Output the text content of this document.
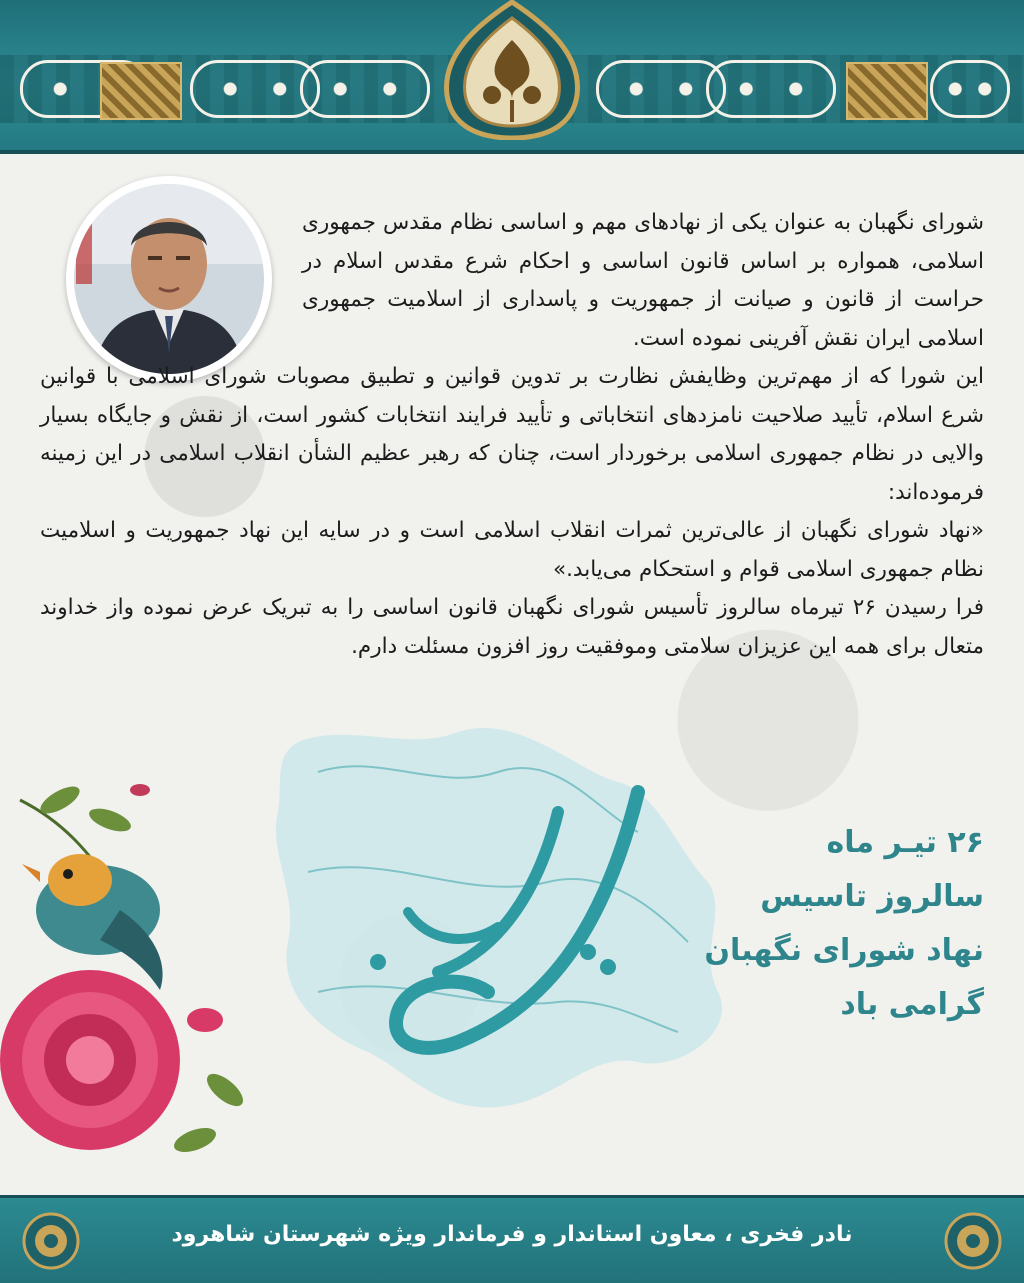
شورای نگهبان به عنوان یکی از نهادهای مهم و اساسی نظام مقدس جمهوری اسلامی، همواره بر اساس قانون اساسی و احکام شرع مقدس اسلام در حراست از قانون و صیانت از جمهوریت و پاسداری از اسلامیت جمهوری اسلامی ایران نقش آفرینی نموده است.

این شورا که از مهم‌ترین وظایفش نظارت بر تدوین قوانین و تطبیق مصوبات شورای اسلامی با قوانین شرع اسلام، تأیید صلاحیت نامزدهای انتخاباتی و تأیید فرایند انتخابات کشور است، از نقش و جایگاه بسیار والایی در نظام جمهوری اسلامی برخوردار است، چنان که رهبر عظیم الشأن انقلاب اسلامی در این زمینه فرموده‌اند:

«نهاد شورای نگهبان از عالی‌ترین ثمرات انقلاب اسلامی است و در سایه این نهاد جمهوریت و اسلامیت نظام جمهوری اسلامی قوام و استحکام می‌یابد.»

فرا رسیدن ۲۶ تیرماه سالروز تأسیس شورای نگهبان قانون اساسی را به تبریک عرض نموده واز خداوند متعال برای همه این عزیزان سلامتی وموفقیت روز افزون مسئلت دارم.

۲۶ تیـر ماه
سالروز تاسیس
نهاد شورای نگهبان
گرامی باد
نادر فخری ، معاون استاندار و فرماندار ویژه شهرستان شاهرود
